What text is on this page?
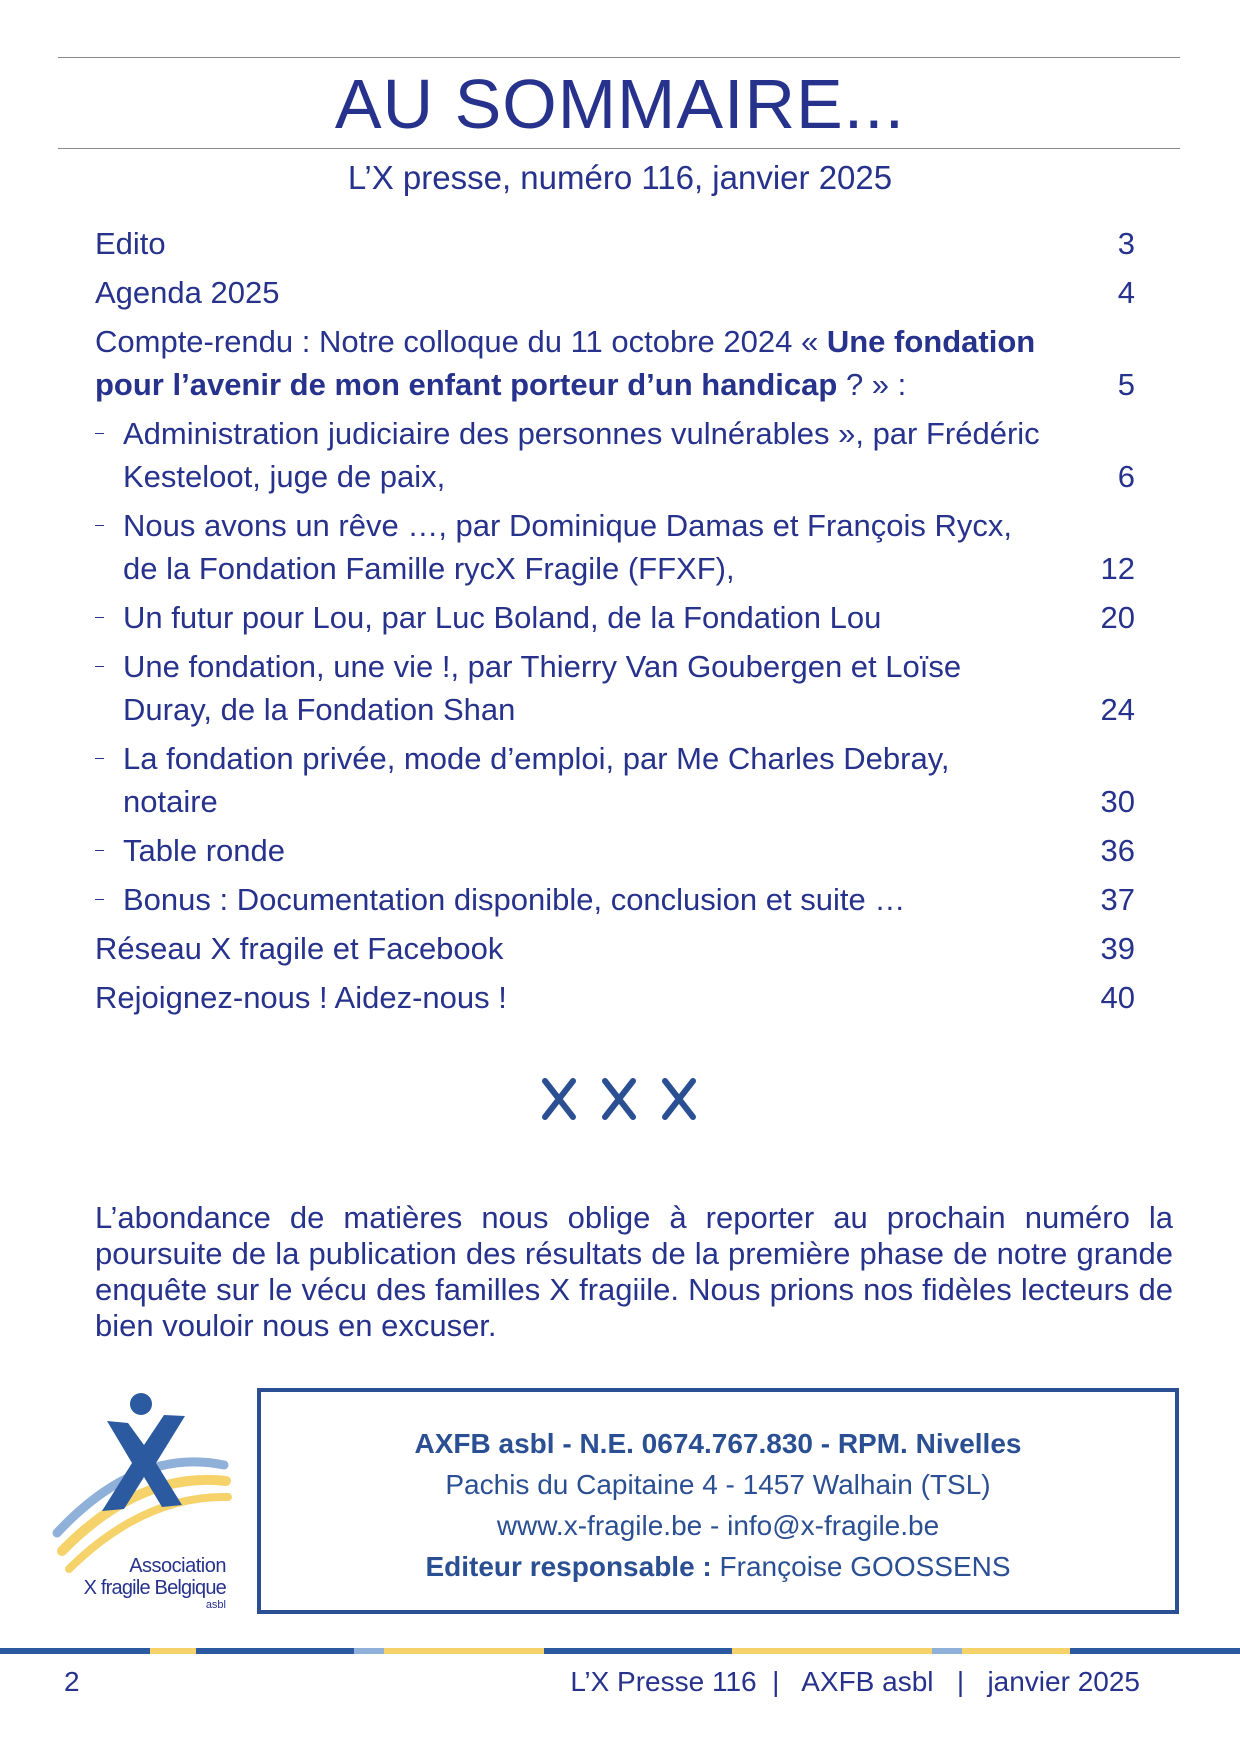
AU SOMMAIRE...
L’X presse, numéro 116, janvier 2025
Edito	3
Agenda 2025	4
Compte-rendu : Notre colloque du 11 octobre 2024 « Une fondation pour l’avenir de mon enfant porteur d’un handicap ? » :	5
Administration judiciaire des personnes vulnérables », par Frédéric Kesteloot, juge de paix,	6
Nous avons un rêve …, par Dominique Damas et François Rycx, de la Fondation Famille rycX Fragile (FFXF),	12
Un futur pour Lou, par Luc Boland, de la Fondation Lou	20
Une fondation, une vie !, par Thierry Van Goubergen et Loïse Duray, de la Fondation Shan	24
La fondation privée, mode d’emploi, par Me Charles Debray, notaire	30
Table ronde	36
Bonus : Documentation disponible, conclusion et suite …	37
Réseau X fragile et Facebook	39
Rejoignez-nous ! Aidez-nous !	40
L’abondance de matières nous oblige à reporter au prochain numéro la poursuite de la publication des résultats de la première phase de notre grande enquête sur le vécu des familles X fragiile. Nous prions nos fidèles lecteurs de bien vouloir nous en excuser.
Association
X fragile Belgique
asbl
AXFB asbl - N.E. 0674.767.830 - RPM. Nivelles
Pachis du Capitaine 4 - 1457 Walhain (TSL)
www.x-fragile.be - info@x-fragile.be
Editeur responsable : Françoise GOOSSENS
2	L’X Presse 116  |   AXFB asbl   |   janvier 2025
